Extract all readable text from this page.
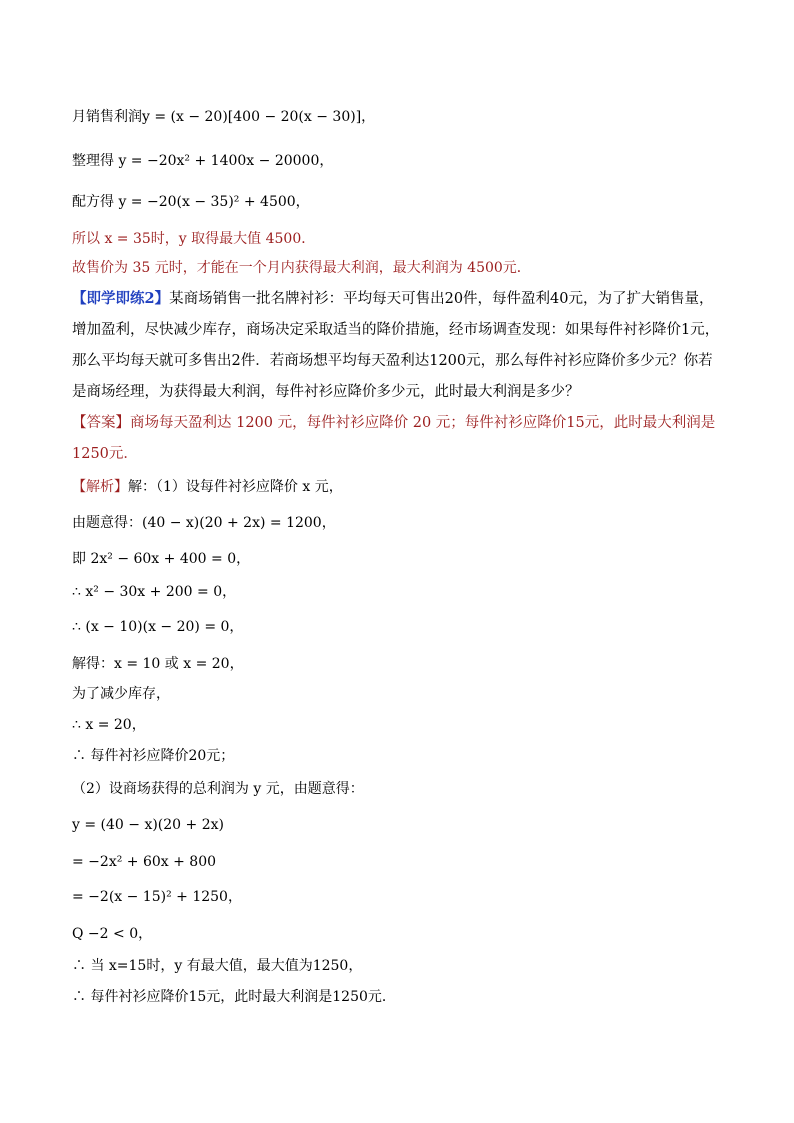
月销售利润y = (x − 20)[400 − 20(x − 30)]，
整理得 y = −20x² + 1400x − 20000，
配方得 y = −20(x − 35)² + 4500，
所以 x = 35时，y 取得最大值 4500．
故售价为 35 元时，才能在一个月内获得最大利润，最大利润为 4500元．
【即学即练2】某商场销售一批名牌衬衫：平均每天可售出20件，每件盈利40元，为了扩大销售量，增加盈利，尽快减少库存，商场决定采取适当的降价措施，经市场调查发现：如果每件衬衫降价1元，那么平均每天就可多售出2件．若商场想平均每天盈利达1200元，那么每件衬衫应降价多少元？你若是商场经理，为获得最大利润，每件衬衫应降价多少元，此时最大利润是多少？
【答案】商场每天盈利达 1200 元，每件衬衫应降价 20 元；每件衬衫应降价15元，此时最大利润是1250元．
【解析】解：（1）设每件衬衫应降价 x 元，
由题意得：(40 − x)(20 + 2x) = 1200，
即 2x² − 60x + 400 = 0，
∴ x² − 30x + 200 = 0，
∴ (x − 10)(x − 20) = 0，
解得：x = 10 或 x = 20，
为了减少库存，
∴ x = 20，
∴ 每件衬衫应降价20元；
（2）设商场获得的总利润为 y 元，由题意得：
y = (40 − x)(20 + 2x)
= −2x² + 60x + 800
= −2(x − 15)² + 1250，
Q −2 < 0，
∴ 当 x=15时，y 有最大值，最大值为1250，
∴ 每件衬衫应降价15元，此时最大利润是1250元．
